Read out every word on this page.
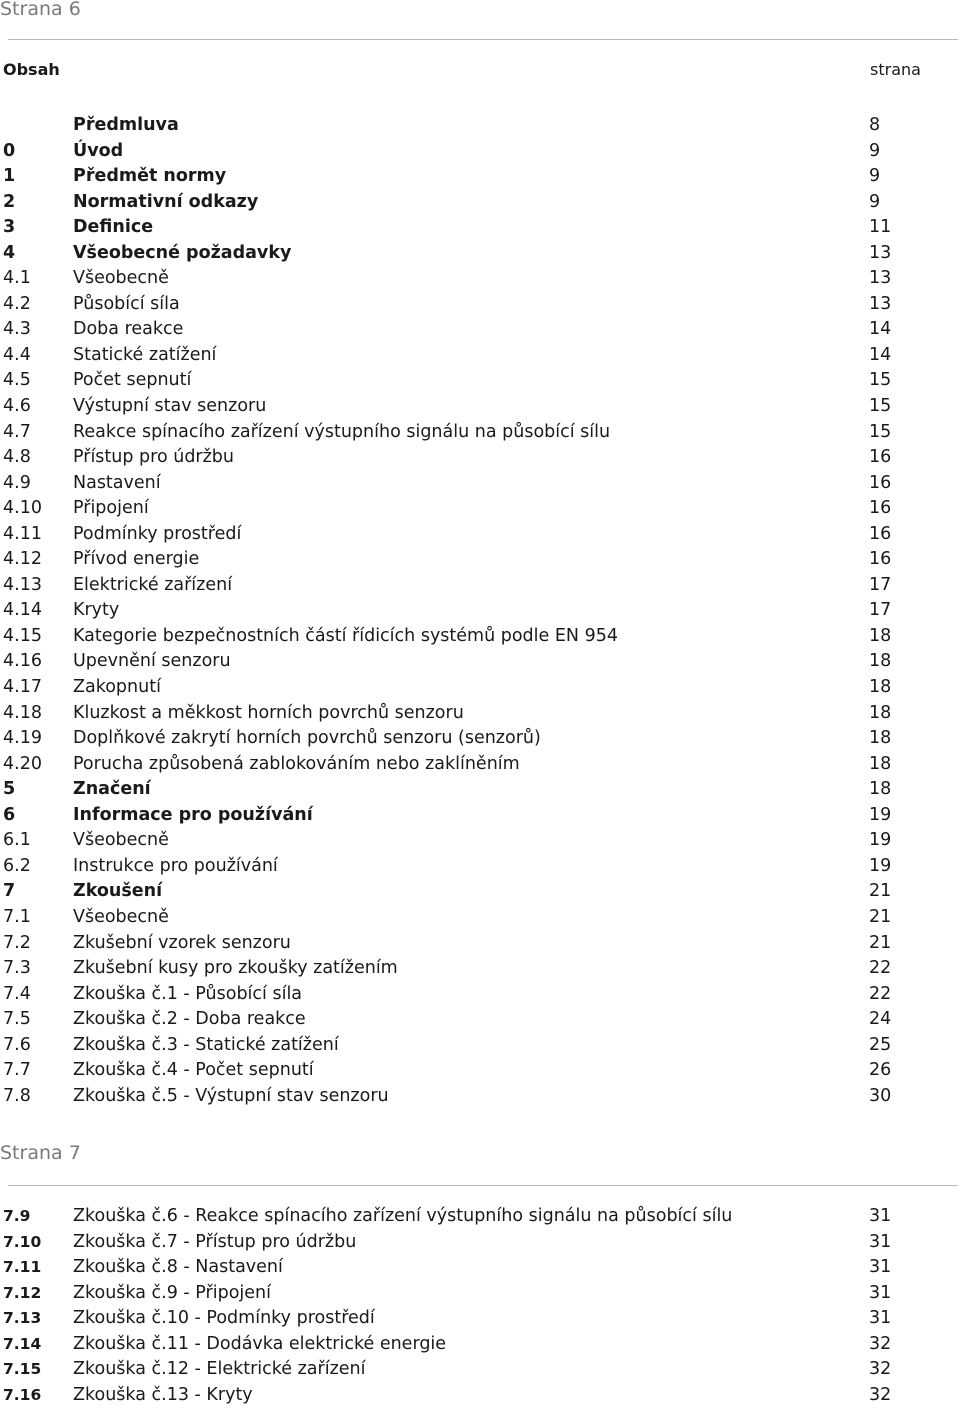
Strana 6
Obsah	strana
Předmluva	8
0	Úvod	9
1	Předmět normy	9
2	Normativní odkazy	9
3	Definice	11
4	Všeobecné požadavky	13
4.1 Všeobecně	13
4.2 Působící síla	13
4.3 Doba reakce	14
4.4 Statické zatížení	14
4.5 Počet sepnutí	15
4.6 Výstupní stav senzoru	15
4.7 Reakce spínacího zařízení výstupního signálu na působící sílu	15
4.8 Přístup pro údržbu	16
4.9 Nastavení	16
4.10 Připojení	16
4.11 Podmínky prostředí	16
4.12 Přívod energie	16
4.13 Elektrické zařízení	17
4.14 Kryty	17
4.15 Kategorie bezpečnostních částí řídicích systémů podle EN 954	18
4.16 Upevnění senzoru	18
4.17 Zakopnutí	18
4.18 Kluzkost a měkkost horních povrchů senzoru	18
4.19 Doplňkové zakrytí horních povrchů senzoru (senzorů)	18
4.20 Porucha způsobená zablokováním nebo zaklíněním	18
5	Značení	18
6	Informace pro používání	19
6.1 Všeobecně	19
6.2 Instrukce pro používání	19
7	Zkoušení	21
7.1 Všeobecně	21
7.2 Zkušební vzorek senzoru	21
7.3 Zkušební kusy pro zkoušky zatížením	22
7.4 Zkouška č.1 - Působící síla	22
7.5 Zkouška č.2 - Doba reakce	24
7.6 Zkouška č.3 - Statické zatížení	25
7.7 Zkouška č.4 - Počet sepnutí	26
7.8 Zkouška č.5 - Výstupní stav senzoru	30
Strana 7
7.9 Zkouška č.6 - Reakce spínacího zařízení výstupního signálu na působící sílu	31
7.10 Zkouška č.7 - Přístup pro údržbu	31
7.11 Zkouška č.8 - Nastavení	31
7.12 Zkouška č.9 - Připojení	31
7.13 Zkouška č.10 - Podmínky prostředí	31
7.14 Zkouška č.11 - Dodávka elektrické energie	32
7.15 Zkouška č.12 - Elektrické zařízení	32
7.16 Zkouška č.13 - Kryty	32
